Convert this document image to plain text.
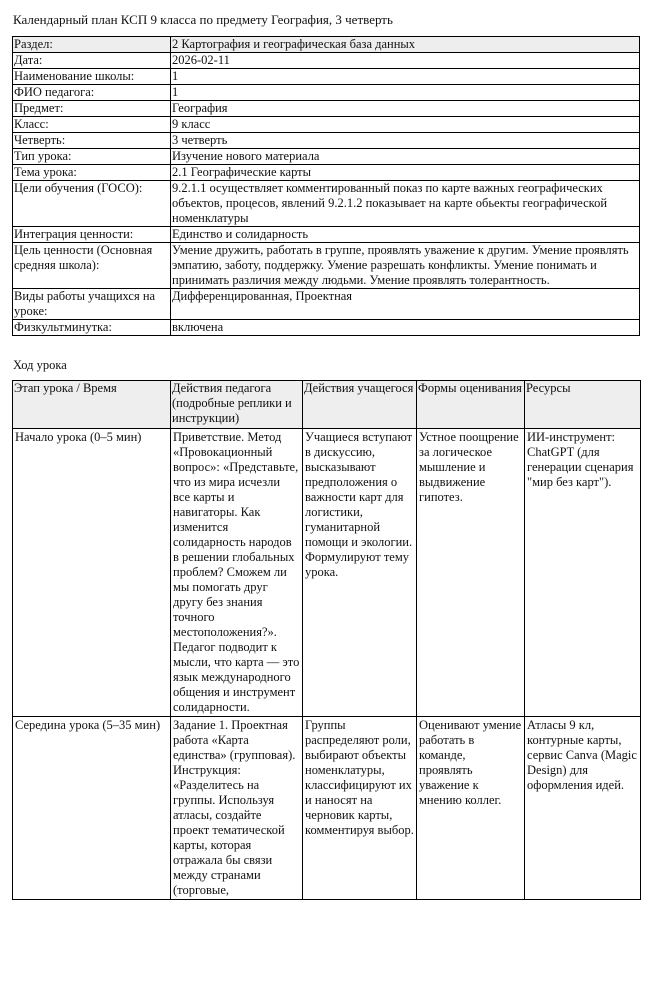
Календарный план КСП 9 класса по предмету География, 3 четверть
Раздел:	2 Картография и географическая база данных
Дата:	2026-02-11
Наименование школы:	1
ФИО педагога:	1
Предмет:	География
Класс:	9 класс
Четверть:	3 четверть
Тип урока:	Изучение нового материала
Тема урока:	2.1 Географические карты
Цели обучения (ГОСО):	9.2.1.1 осуществляет комментированный показ по карте важных географических объектов, процесов, явлений 9.2.1.2 показывает на карте обьекты географической номенклатуры
Интеграция ценности:	Единство и солидарность
Цель ценности (Основная средняя школа):	Умение дружить, работать в группе, проявлять уважение к другим. Умение проявлять эмпатию, заботу, поддержку. Умение разрешать конфликты. Умение понимать и принимать различия между людьми. Умение проявлять толерантность.
Виды работы учащихся на уроке:	Дифференцированная, Проектная
Физкультминутка:	включена
Ход урока
Этап урока / Время	Действия педагога (подробные реплики и инструкции)	Действия учащегося	Формы оценивания	Ресурсы
Начало урока (0–5 мин)	Приветствие. Метод «Провокационный вопрос»: «Представьте, что из мира исчезли все карты и навигаторы. Как изменится солидарность народов в решении глобальных проблем? Сможем ли мы помогать друг другу без знания точного местоположения?». Педагог подводит к мысли, что карта — это язык международного общения и инструмент солидарности.	Учащиеся вступают в дискуссию, высказывают предположения о важности карт для логистики, гуманитарной помощи и экологии. Формулируют тему урока.	Устное поощрение за логическое мышление и выдвижение гипотез.	ИИ-инструмент: ChatGPT (для генерации сценария "мир без карт").
Середина урока (5–35 мин)	Задание 1. Проектная работа «Карта единства» (групповая). Инструкция: «Разделитесь на группы. Используя атласы, создайте проект тематической карты, которая отражала бы связи между странами (торговые,	Группы распределяют роли, выбирают объекты номенклатуры, классифицируют их и наносят на черновик карты, комментируя выбор.	Оценивают умение работать в команде, проявлять уважение к мнению коллег.	Атласы 9 кл, контурные карты, сервис Canva (Magic Design) для оформления идей.
